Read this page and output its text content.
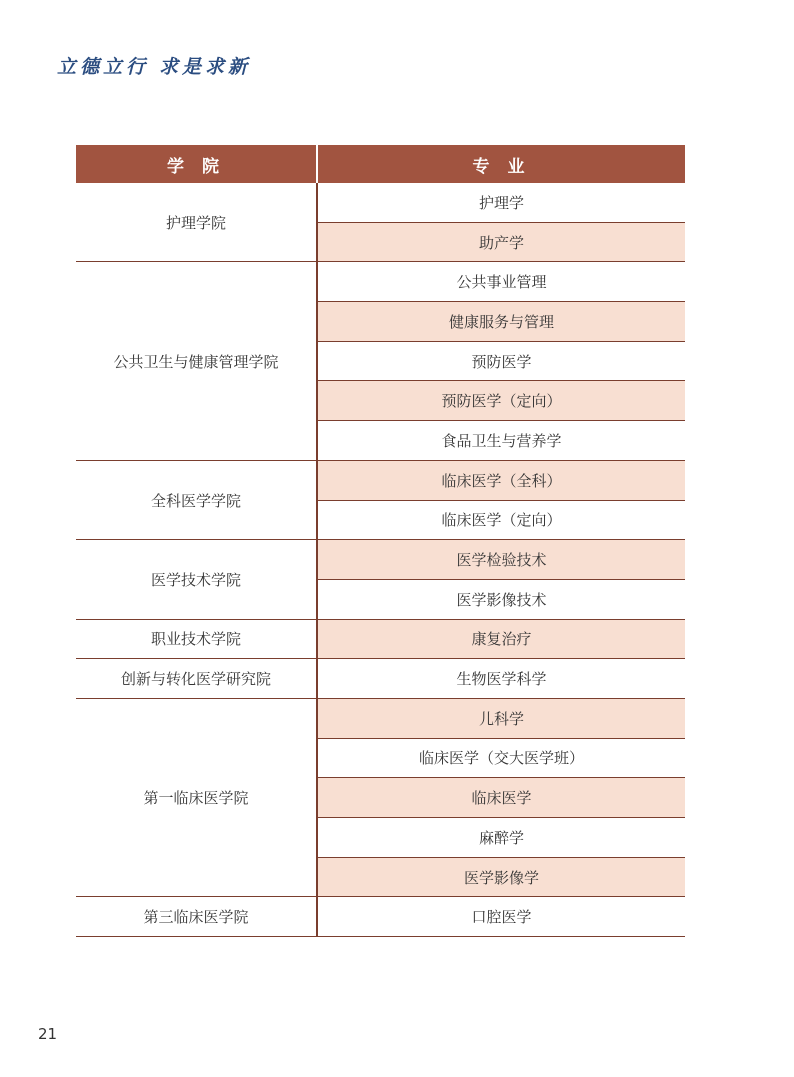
立德立行 求是求新
学 院	专 业
护理学院	护理学
	助产学
公共卫生与健康管理学院	公共事业管理
	健康服务与管理
	预防医学
	预防医学（定向）
	食品卫生与营养学
全科医学学院	临床医学（全科）
	临床医学（定向）
医学技术学院	医学检验技术
	医学影像技术
职业技术学院	康复治疗
创新与转化医学研究院	生物医学科学
第一临床医学院	儿科学
	临床医学（交大医学班）
	临床医学
	麻醉学
	医学影像学
第三临床医学院	口腔医学
21
